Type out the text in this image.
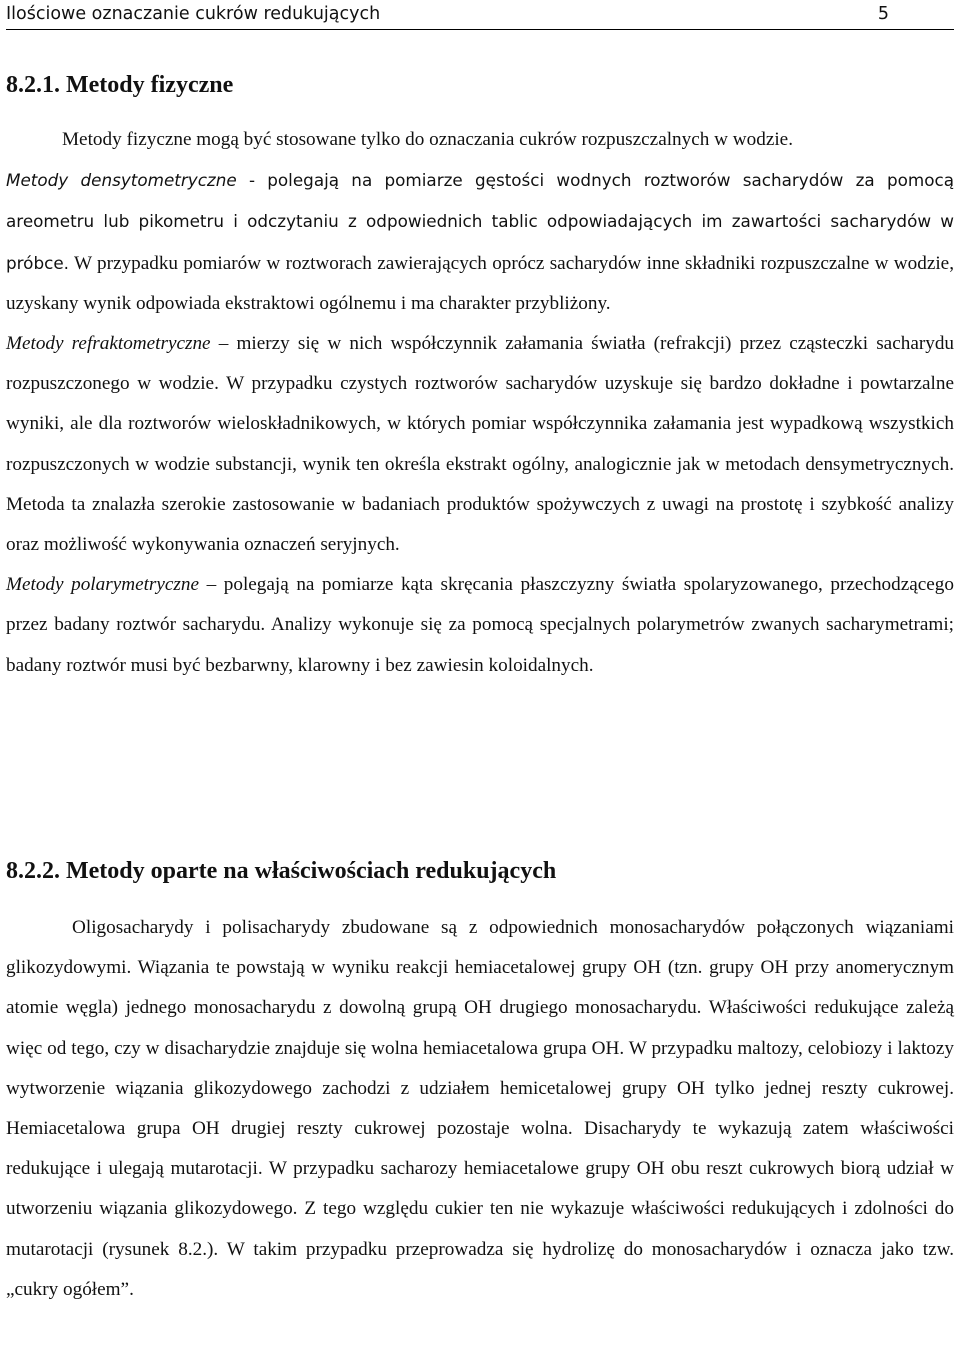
Ilościowe oznaczanie cukrów redukujących	5
8.2.1. Metody fizyczne

Metody fizyczne mogą być stosowane tylko do oznaczania cukrów rozpuszczalnych w wodzie.

Metody densytometryczne - polegają na pomiarze gęstości wodnych roztworów sacharydów za pomocą areometru lub pikometru i odczytaniu z odpowiednich tablic odpowiadających im zawartości sacharydów w próbce. W przypadku pomiarów w roztworach zawierających oprócz sacharydów inne składniki rozpuszczalne w wodzie, uzyskany wynik odpowiada ekstraktowi ogólnemu i ma charakter przybliżony.

Metody refraktometryczne – mierzy się w nich współczynnik załamania światła (refrakcji) przez cząsteczki sacharydu rozpuszczonego w wodzie. W przypadku czystych roztworów sacharydów uzyskuje się bardzo dokładne i powtarzalne wyniki, ale dla roztworów wieloskładnikowych, w których pomiar współczynnika załamania jest wypadkową wszystkich rozpuszczonych w wodzie substancji, wynik ten określa ekstrakt ogólny, analogicznie jak w metodach densymetrycznych. Metoda ta znalazła szerokie zastosowanie w badaniach produktów spożywczych z uwagi na prostotę i szybkość analizy oraz możliwość wykonywania oznaczeń seryjnych.

Metody polarymetryczne – polegają na pomiarze kąta skręcania płaszczyzny światła spolaryzowanego, przechodzącego przez badany roztwór sacharydu. Analizy wykonuje się za pomocą specjalnych polarymetrów zwanych sacharymetrami; badany roztwór musi być bezbarwny, klarowny i bez zawiesin koloidalnych.

8.2.2. Metody oparte na właściwościach redukujących

Oligosacharydy i polisacharydy zbudowane są z odpowiednich monosacharydów połączonych wiązaniami glikozydowymi. Wiązania te powstają w wyniku reakcji hemiacetalowej grupy OH (tzn. grupy OH przy anomerycznym atomie węgla) jednego monosacharydu z dowolną grupą OH drugiego monosacharydu. Właściwości redukujące zależą więc od tego, czy w disacharydzie znajduje się wolna hemiacetalowa grupa OH. W przypadku maltozy, celobiozy i laktozy wytworzenie wiązania glikozydowego zachodzi z udziałem hemicetalowej grupy OH tylko jednej reszty cukrowej. Hemiacetalowa grupa OH drugiej reszty cukrowej pozostaje wolna. Disacharydy te wykazują zatem właściwości redukujące i ulegają mutarotacji. W przypadku sacharozy hemiacetalowe grupy OH obu reszt cukrowych biorą udział w utworzeniu wiązania glikozydowego. Z tego względu cukier ten nie wykazuje właściwości redukujących i zdolności do mutarotacji (rysunek 8.2.). W takim przypadku przeprowadza się hydrolizę do monosacharydów i oznacza jako tzw. „cukry ogółem”.
